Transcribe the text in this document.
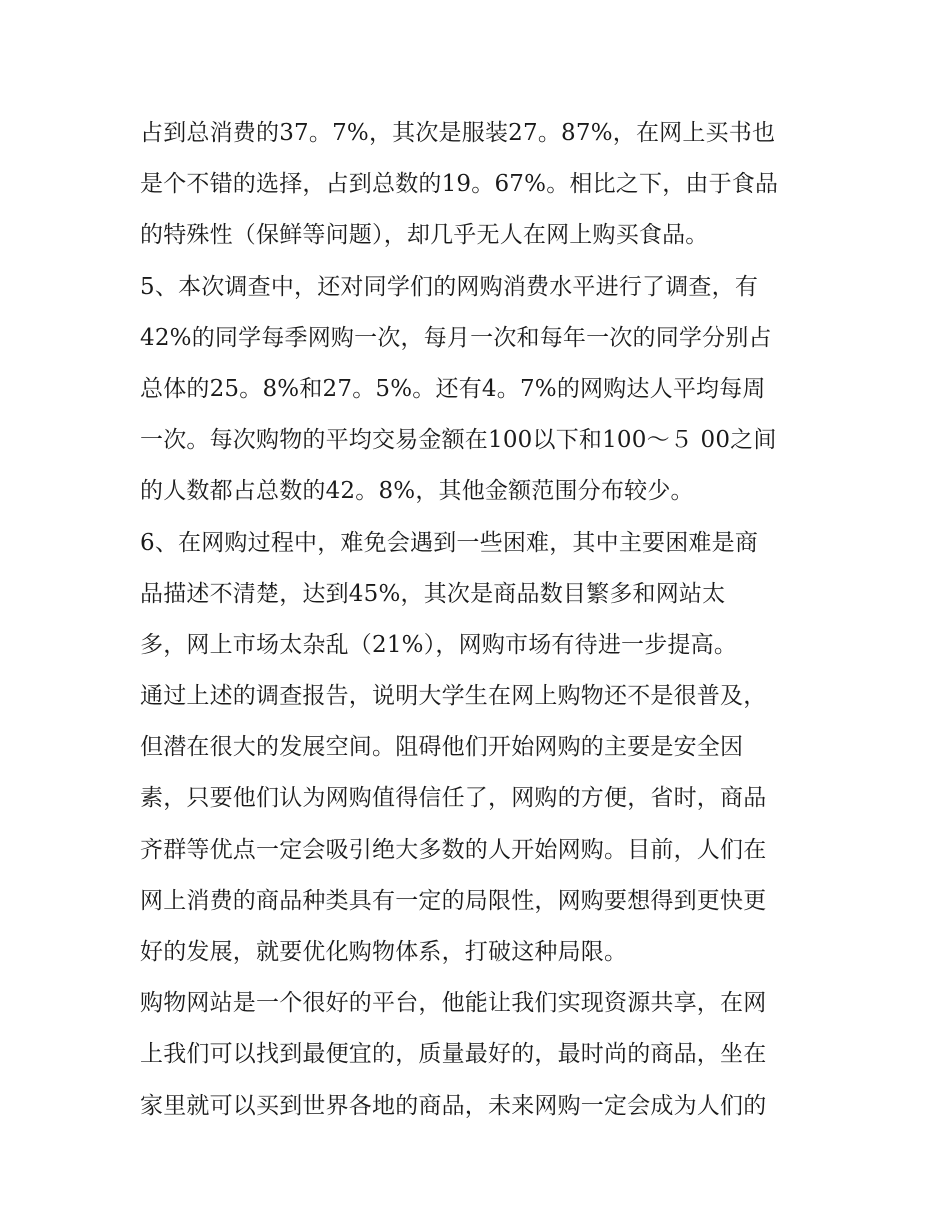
占到总消费的37。7%，其次是服装27。87%，在网上买书也
是个不错的选择，占到总数的19。67%。相比之下，由于食品
的特殊性（保鲜等问题），却几乎无人在网上购买食品。
5、本次调查中，还对同学们的网购消费水平进行了调查，有
42%的同学每季网购一次，每月一次和每年一次的同学分别占
总体的25。8%和27。5%。还有4。7%的网购达人平均每周
一次。每次购物的平均交易金额在100以下和100～５ 00之间
的人数都占总数的42。8%，其他金额范围分布较少。
6、在网购过程中，难免会遇到一些困难，其中主要困难是商
品描述不清楚，达到45%，其次是商品数目繁多和网站太
多，网上市场太杂乱（21%），网购市场有待进一步提高。
通过上述的调查报告，说明大学生在网上购物还不是很普及，
但潜在很大的发展空间。阻碍他们开始网购的主要是安全因
素，只要他们认为网购值得信任了，网购的方便，省时，商品
齐群等优点一定会吸引绝大多数的人开始网购。目前，人们在
网上消费的商品种类具有一定的局限性，网购要想得到更快更
好的发展，就要优化购物体系，打破这种局限。
购物网站是一个很好的平台，他能让我们实现资源共享，在网
上我们可以找到最便宜的，质量最好的，最时尚的商品，坐在
家里就可以买到世界各地的商品，未来网购一定会成为人们的
